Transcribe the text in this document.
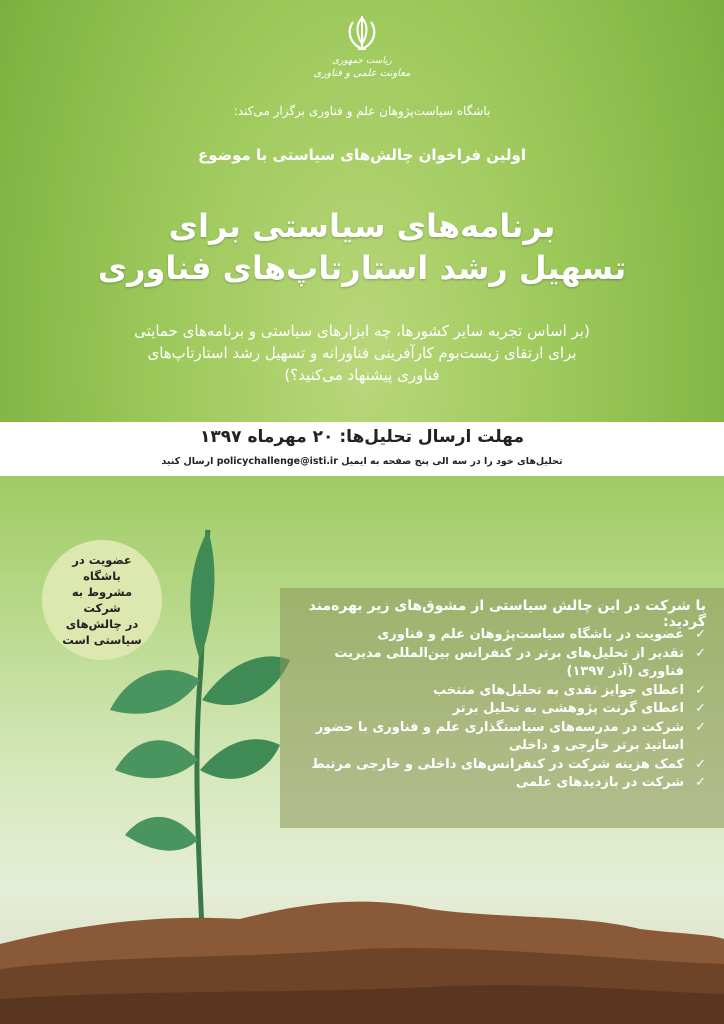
ریاست جمهوری
معاونت علمی و فناوری
باشگاه سیاست‌پژوهان علم و فناوری برگزار می‌کند:
اولین فراخوان چالش‌های سیاستی با موضوع
برنامه‌های سیاستی برای
تسهیل رشد استارتاپ‌های فناوری
(بر اساس تجربه سایر کشورها، چه ابزارهای سیاستی و برنامه‌های حمایتی
برای ارتقای زیست‌بوم کارآفرینی فناورانه و تسهیل رشد استارتاپ‌های
فناوری پیشنهاد می‌کنید؟)
مهلت ارسال تحلیل‌ها: ۲۰ مهرماه ۱۳۹۷
تحلیل‌های خود را در سه الی پنج صفحه به ایمیل policychallenge@isti.ir ارسال کنید
عضویت در باشگاه
مشروط به شرکت
در چالش‌های
سیاستی است
با شرکت در این چالش سیاستی از مشوق‌های زیر بهره‌مند گردید:
✓
عضویت در باشگاه سیاست‌پژوهان علم و فناوری
✓
تقدیر از تحلیل‌های برتر در کنفرانس بین‌المللی مدیریت فناوری (آذر ۱۳۹۷)
✓
اعطای جوایز نقدی به تحلیل‌های منتخب
✓
اعطای گرنت پژوهشی به تحلیل برتر
✓
شرکت در مدرسه‌های سیاستگذاری علم و فناوری با حضور اساتید برتر خارجی و داخلی
✓
کمک هزینه شرکت در کنفرانس‌های داخلی و خارجی مرتبط
✓
شرکت در بازدیدهای علمی
